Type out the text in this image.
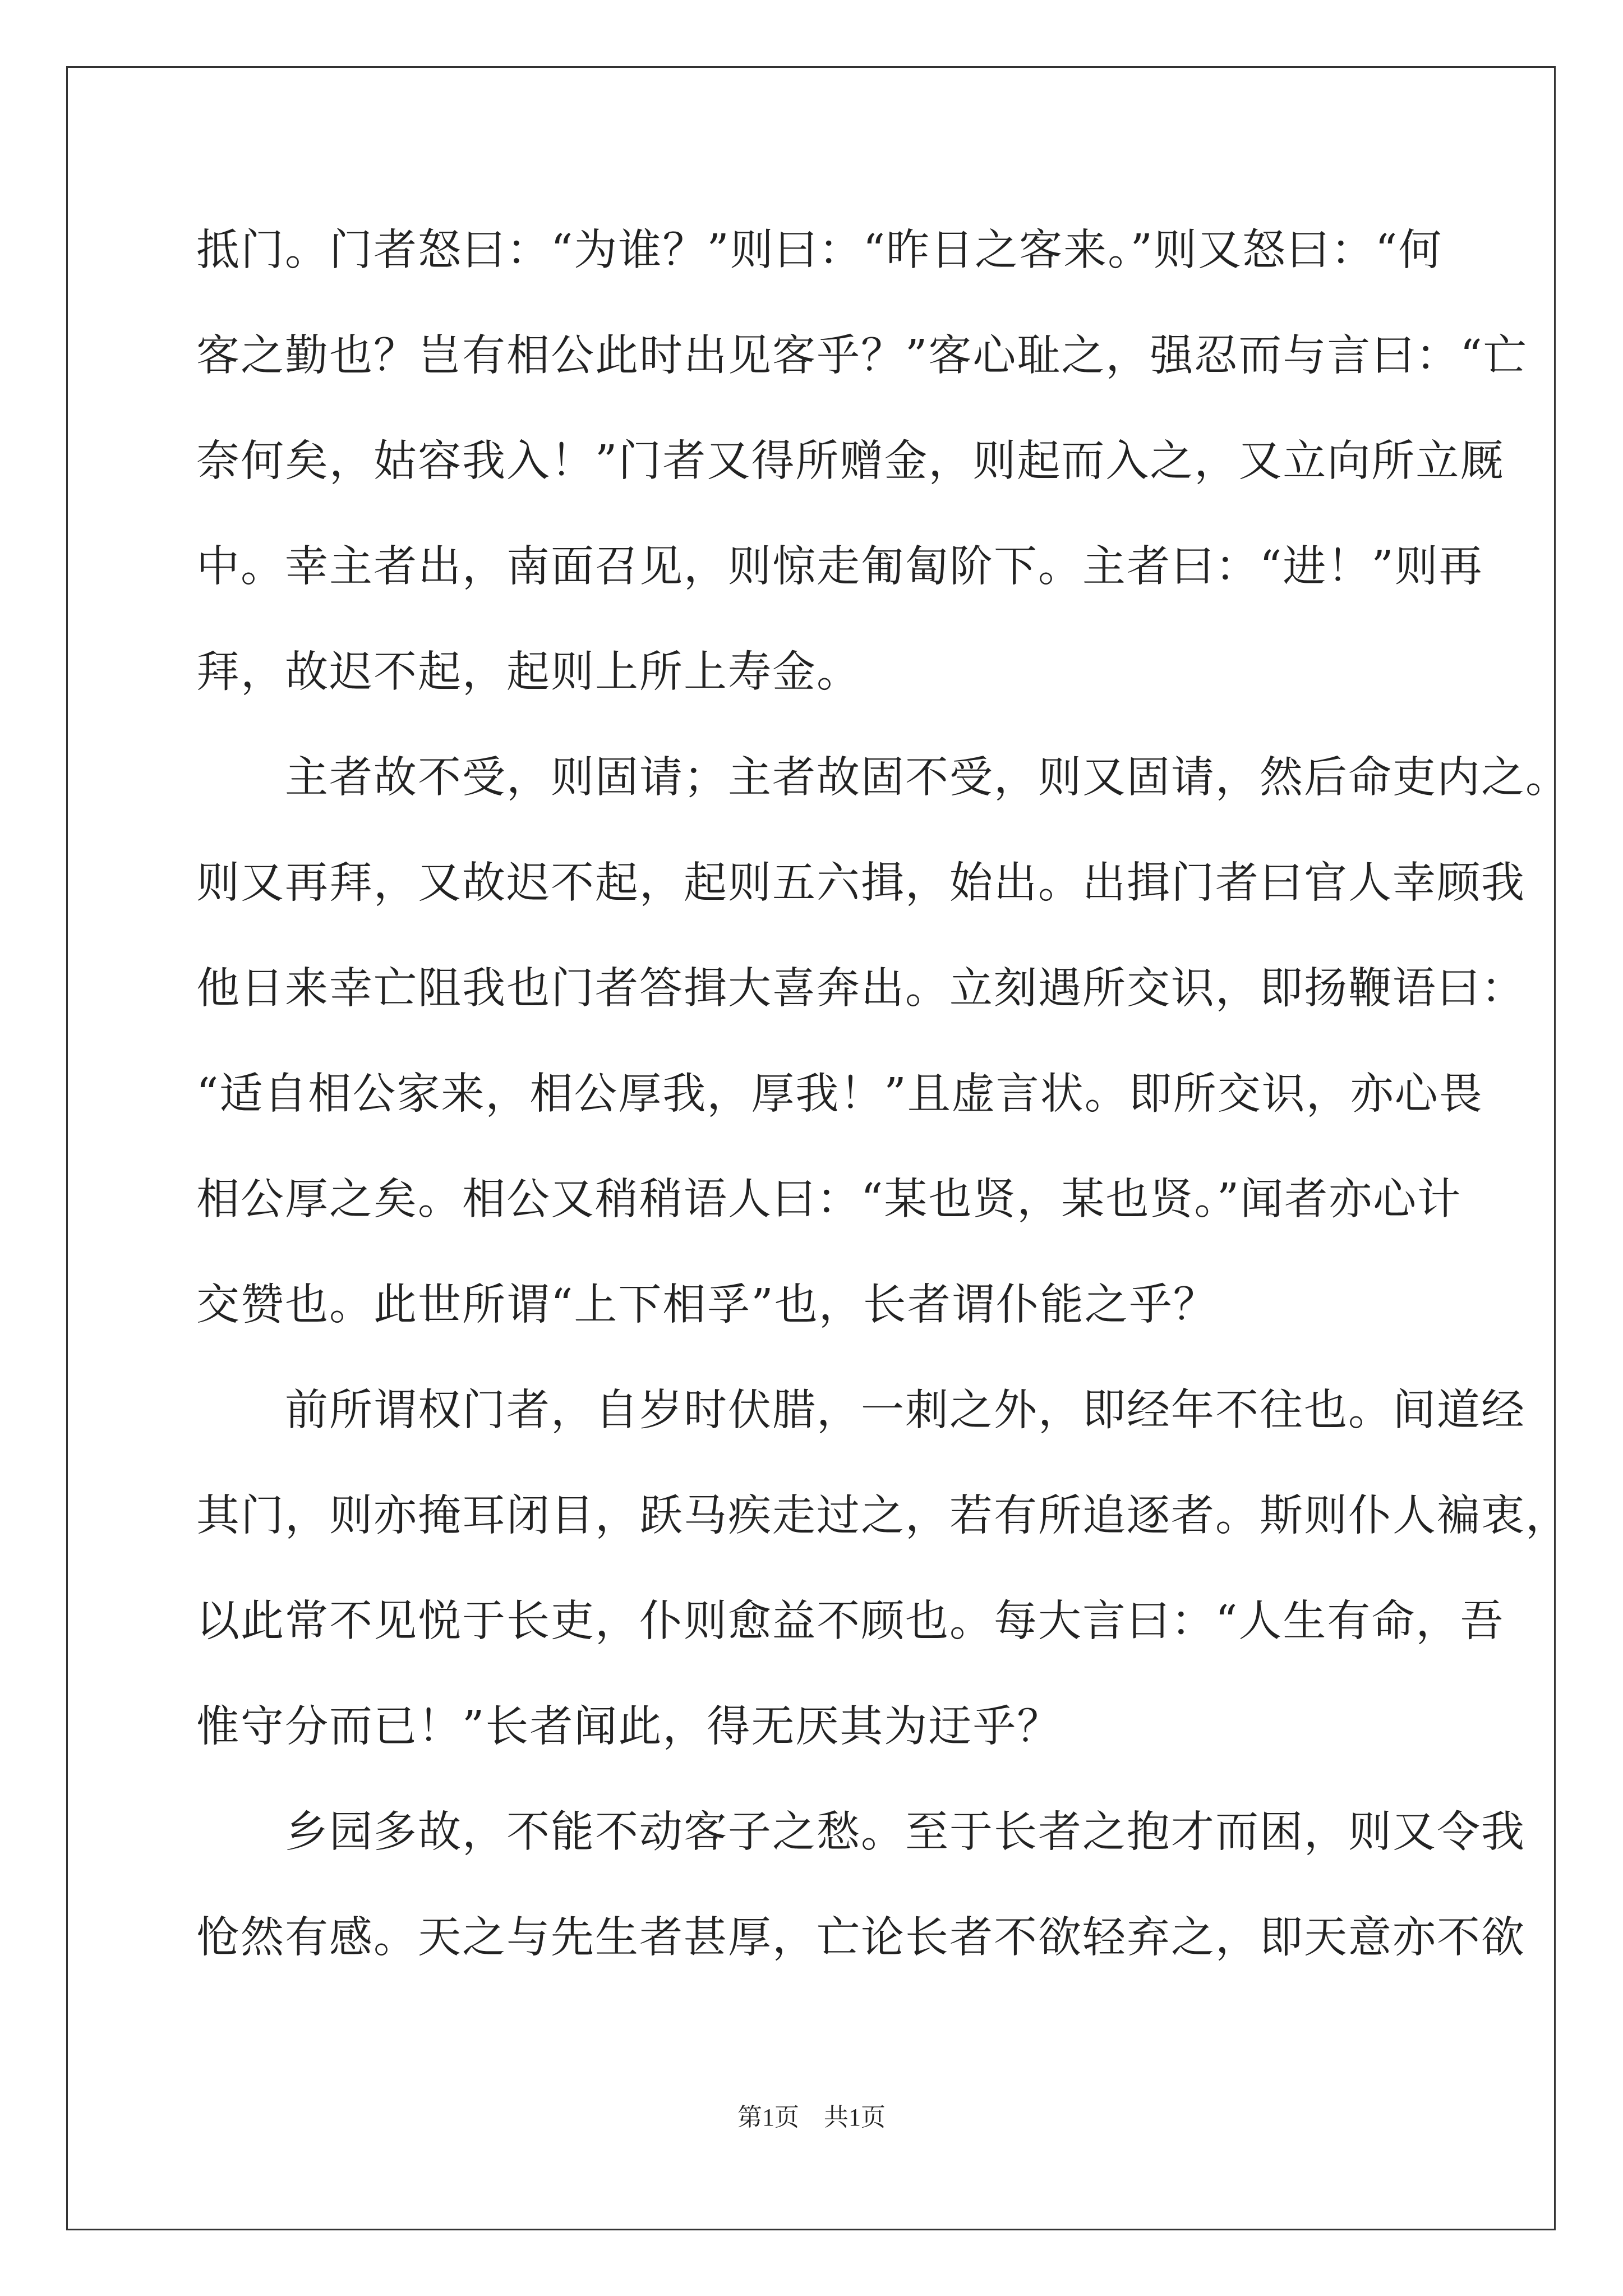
抵门。门者怒曰：“为谁？”则曰：“昨日之客来。”则又怒曰：“何
客之勤也？岂有相公此时出见客乎？”客心耻之，强忍而与言曰：“亡
奈何矣，姑容我入！”门者又得所赠金，则起而入之，又立向所立厩
中。幸主者出，南面召见，则惊走匍匐阶下。主者曰：“进！”则再
拜，故迟不起，起则上所上寿金。
　　主者故不受，则固请；主者故固不受，则又固请，然后命吏内之。
则又再拜，又故迟不起，起则五六揖，始出。出揖门者曰官人幸顾我
他日来幸亡阻我也门者答揖大喜奔出。立刻遇所交识，即扬鞭语曰：
“适自相公家来，相公厚我，厚我！”且虚言状。即所交识，亦心畏
相公厚之矣。相公又稍稍语人曰：“某也贤，某也贤。”闻者亦心计
交赞也。此世所谓“上下相孚”也，长者谓仆能之乎？
　　前所谓权门者，自岁时伏腊，一刺之外，即经年不往也。间道经
其门，则亦掩耳闭目，跃马疾走过之，若有所追逐者。斯则仆人褊衷，
以此常不见悦于长吏，仆则愈益不顾也。每大言曰：“人生有命，吾
惟守分而已！”长者闻此，得无厌其为迂乎？
　　乡园多故，不能不动客子之愁。至于长者之抱才而困，则又令我
怆然有感。天之与先生者甚厚，亡论长者不欲轻弃之，即天意亦不欲
第1页　共1页
